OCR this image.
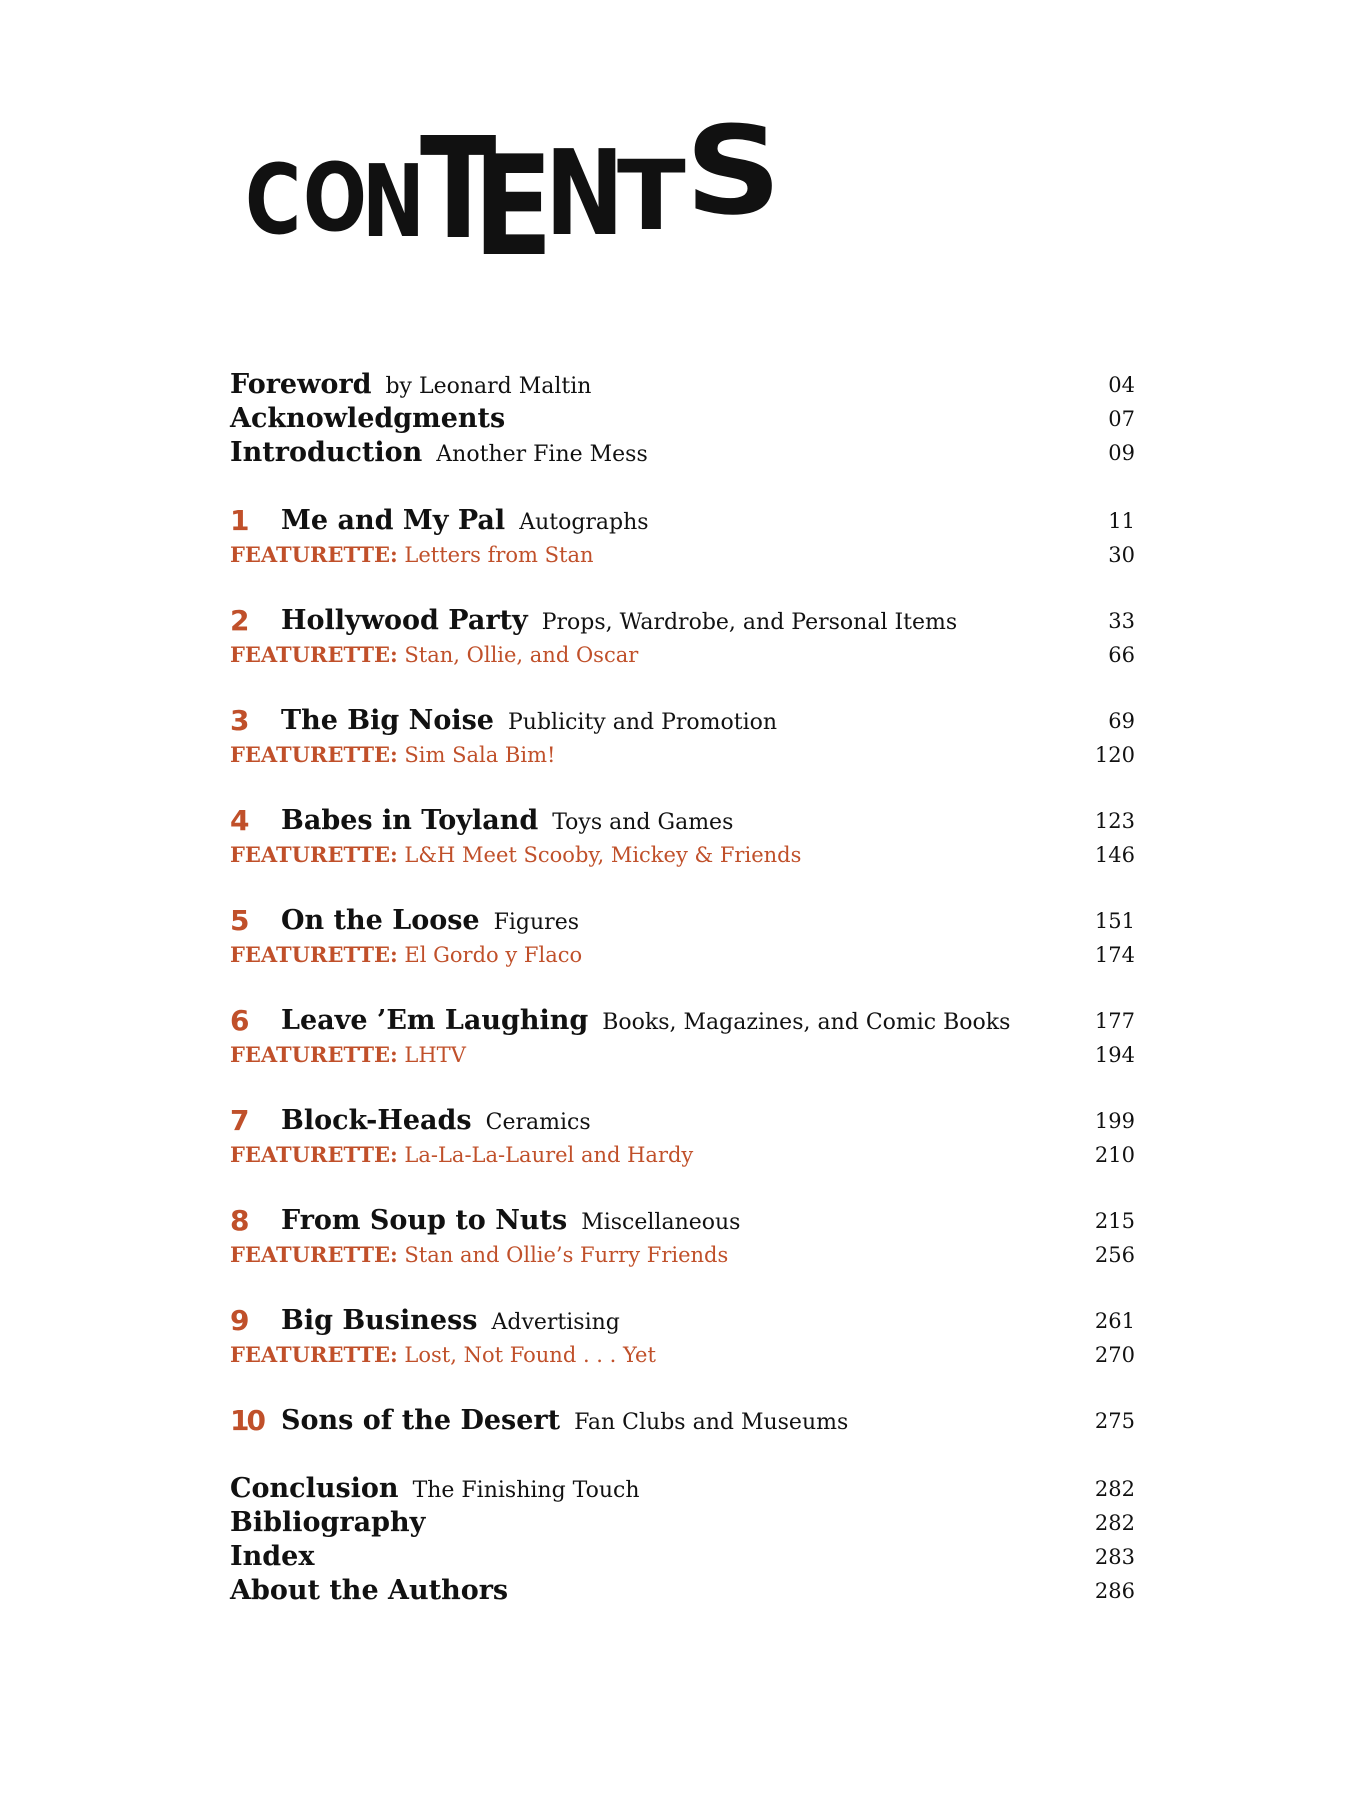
C O
N
T
E
N
T S
Foreword by Leonard Maltin	04
Acknowledgments	07
Introduction Another Fine Mess	09
1 Me and My Pal Autographs	11
FEATURETTE: Letters from Stan	30
2 Hollywood Party Props, Wardrobe, and Personal Items	33
FEATURETTE: Stan, Ollie, and Oscar	66
3 The Big Noise Publicity and Promotion	69
FEATURETTE: Sim Sala Bim!	120
4 Babes in Toyland Toys and Games	123
FEATURETTE: L&H Meet Scooby, Mickey & Friends	146
5 On the Loose Figures	151
FEATURETTE: El Gordo y Flaco	174
6 Leave ’Em Laughing Books, Magazines, and Comic Books	177
FEATURETTE: LHTV	194
7 Block-Heads Ceramics	199
FEATURETTE: La-La-La-Laurel and Hardy	210
8 From Soup to Nuts Miscellaneous	215
FEATURETTE: Stan and Ollie’s Furry Friends	256
9 Big Business Advertising	261
FEATURETTE: Lost, Not Found . . . Yet	270
10 Sons of the Desert Fan Clubs and Museums	275
Conclusion The Finishing Touch	282
Bibliography	282
Index	283
About the Authors	286
